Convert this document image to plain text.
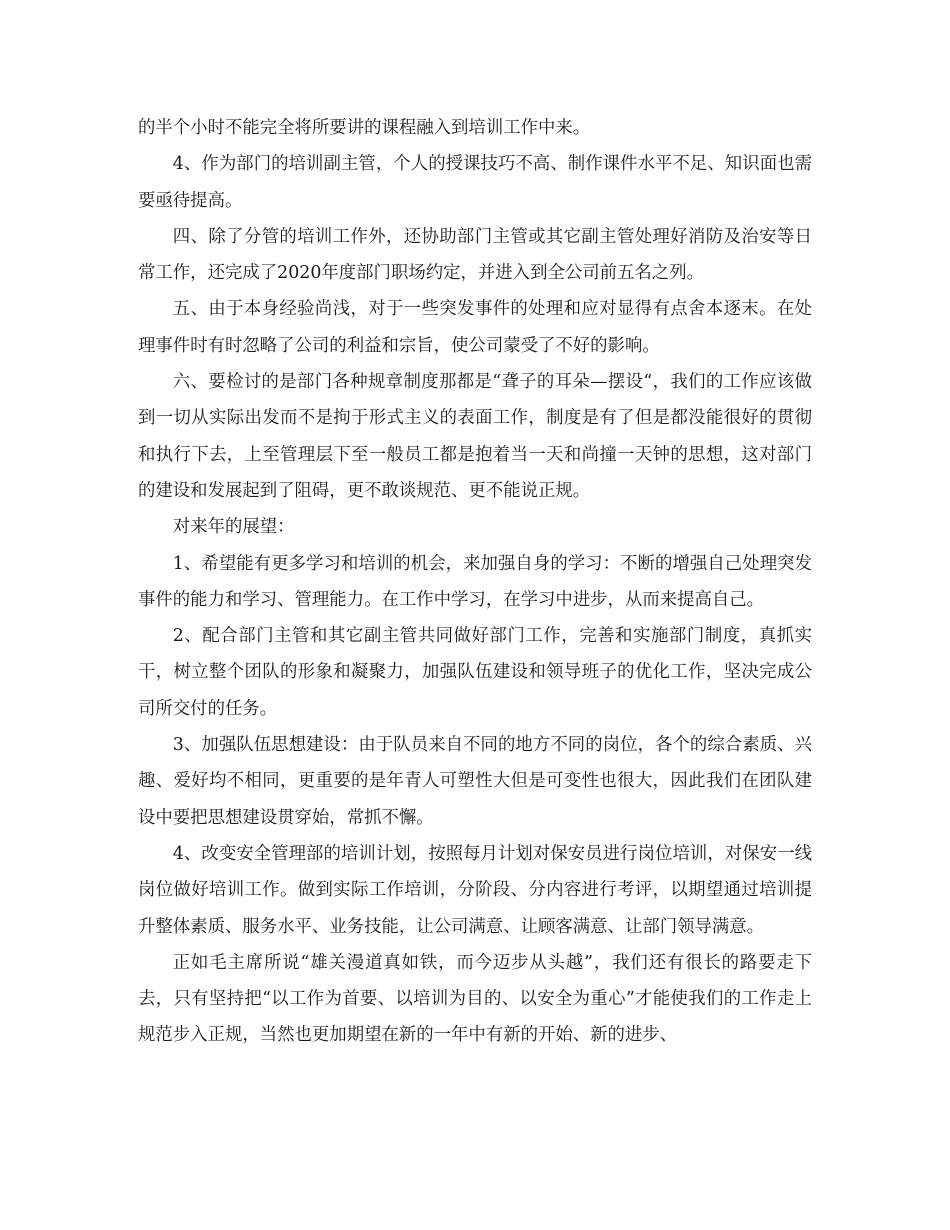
的半个小时不能完全将所要讲的课程融入到培训工作中来。

4、作为部门的培训副主管，个人的授课技巧不高、制作课件水平不足、知识面也需要亟待提高。

四、除了分管的培训工作外，还协助部门主管或其它副主管处理好消防及治安等日常工作，还完成了2020年度部门职场约定，并进入到全公司前五名之列。

五、由于本身经验尚浅，对于一些突发事件的处理和应对显得有点舍本逐末。在处理事件时有时忽略了公司的利益和宗旨，使公司蒙受了不好的影响。

六、要检讨的是部门各种规章制度那都是“聋子的耳朵—摆设“，我们的工作应该做到一切从实际出发而不是拘于形式主义的表面工作，制度是有了但是都没能很好的贯彻和执行下去，上至管理层下至一般员工都是抱着当一天和尚撞一天钟的思想，这对部门的建设和发展起到了阻碍，更不敢谈规范、更不能说正规。

对来年的展望：

1、希望能有更多学习和培训的机会，来加强自身的学习：不断的增强自己处理突发事件的能力和学习、管理能力。在工作中学习，在学习中进步，从而来提高自己。

2、配合部门主管和其它副主管共同做好部门工作，完善和实施部门制度，真抓实干，树立整个团队的形象和凝聚力，加强队伍建设和领导班子的优化工作，坚决完成公司所交付的任务。

3、加强队伍思想建设：由于队员来自不同的地方不同的岗位，各个的综合素质、兴趣、爱好均不相同，更重要的是年青人可塑性大但是可变性也很大，因此我们在团队建设中要把思想建设贯穿始，常抓不懈。

4、改变安全管理部的培训计划，按照每月计划对保安员进行岗位培训，对保安一线岗位做好培训工作。做到实际工作培训，分阶段、分内容进行考评，以期望通过培训提升整体素质、服务水平、业务技能，让公司满意、让顾客满意、让部门领导满意。

正如毛主席所说“雄关漫道真如铁，而今迈步从头越”，我们还有很长的路要走下去，只有坚持把“以工作为首要、以培训为目的、以安全为重心”才能使我们的工作走上规范步入正规，当然也更加期望在新的一年中有新的开始、新的进步、
